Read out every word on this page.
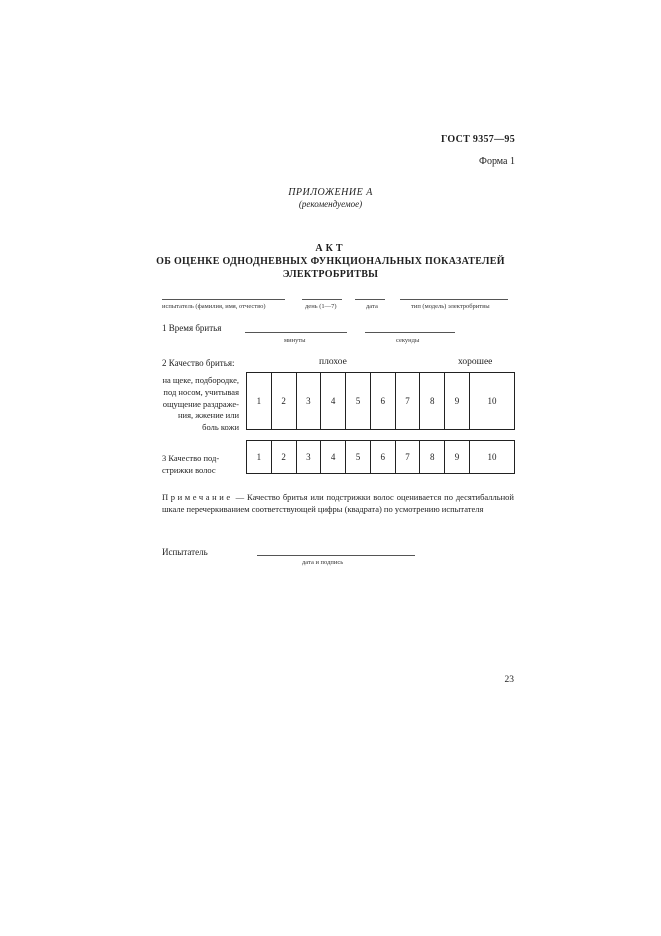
ГОСТ 9357—95
Форма 1
ПРИЛОЖЕНИЕ А
(рекомендуемое)
АКТ
ОБ ОЦЕНКЕ ОДНОДНЕВНЫХ ФУНКЦИОНАЛЬНЫХ ПОКАЗАТЕЛЕЙ
ЭЛЕКТРОБРИТВЫ
испытатель (фамилия, имя, отчество)	день (1—7)	дата	тип (модель) электробритвы
1 Время бритья
минуты	секунды
2 Качество бритья:	плохое	хорошее
на щеке, подбородке,
под носом, учитывая
ощущение раздраже-
ния, жжение или
боль кожи
1	2	3	4	5	6	7	8	9	10
3 Качество под-
стрижки волос
1	2	3	4	5	6	7	8	9	10
Примечание — Качество бритья или подстрижки волос оценивается по десятибалльной шкале перечеркиванием соответствующей цифры (квадрата) по усмотрению испытателя
Испытатель
дата и подпись
23
